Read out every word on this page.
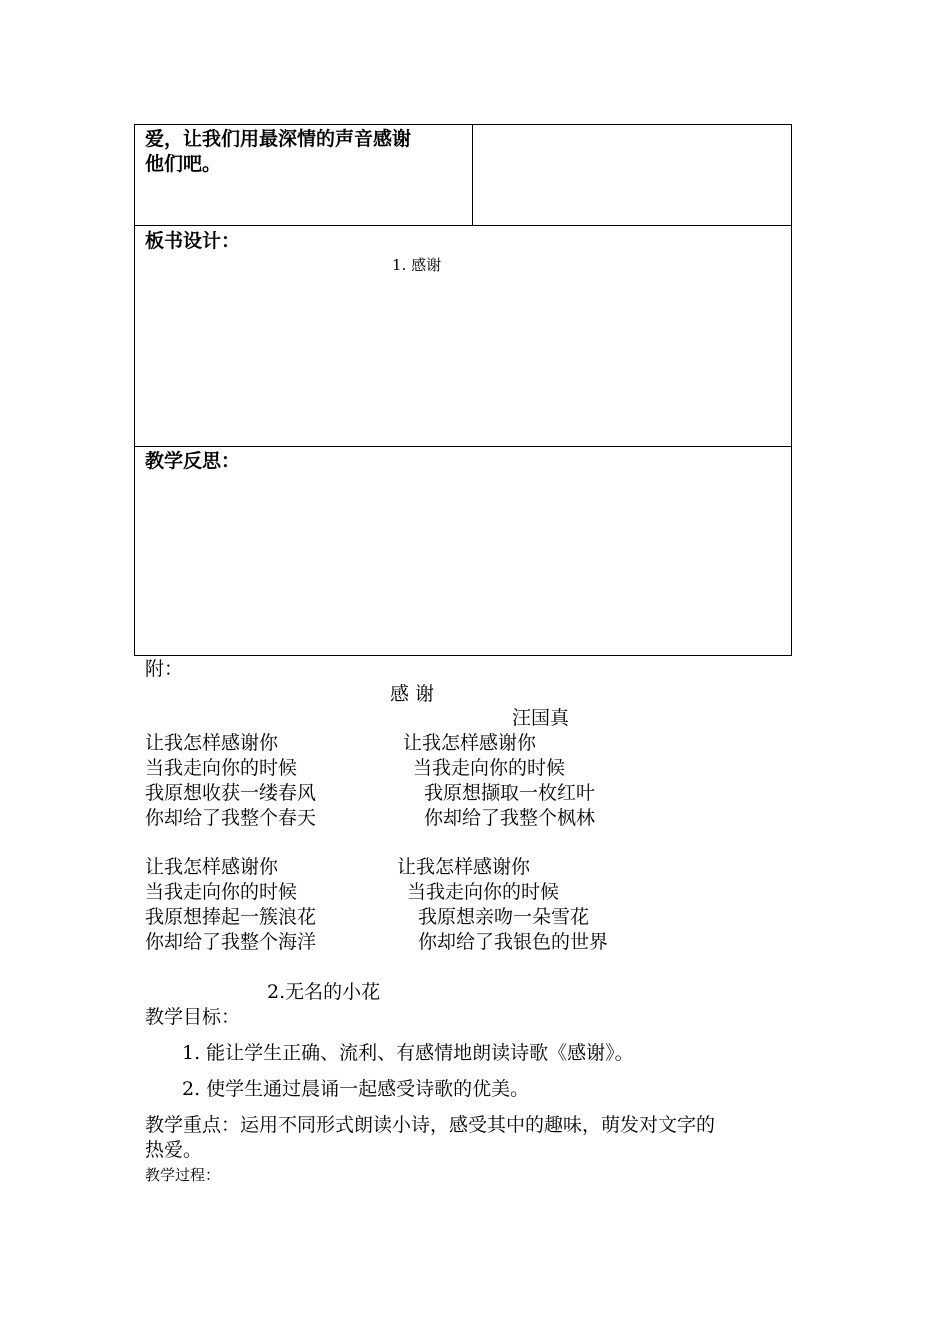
爱，让我们用最深情的声音感谢
他们吧。
板书设计：
1. 感谢
教学反思：
附：
感 谢
汪国真
让我怎样感谢你
当我走向你的时候
我原想收获一缕春风
你却给了我整个春天
让我怎样感谢你
当我走向你的时候
我原想撷取一枚红叶
你却给了我整个枫林
让我怎样感谢你
当我走向你的时候
我原想捧起一簇浪花
你却给了我整个海洋
让我怎样感谢你
当我走向你的时候
我原想亲吻一朵雪花
你却给了我银色的世界
2.无名的小花
教学目标：
1. 能让学生正确、流利、有感情地朗读诗歌《感谢》。
2. 使学生通过晨诵一起感受诗歌的优美。
教学重点：运用不同形式朗读小诗，感受其中的趣味，萌发对文字的
热爱。
教学过程：
